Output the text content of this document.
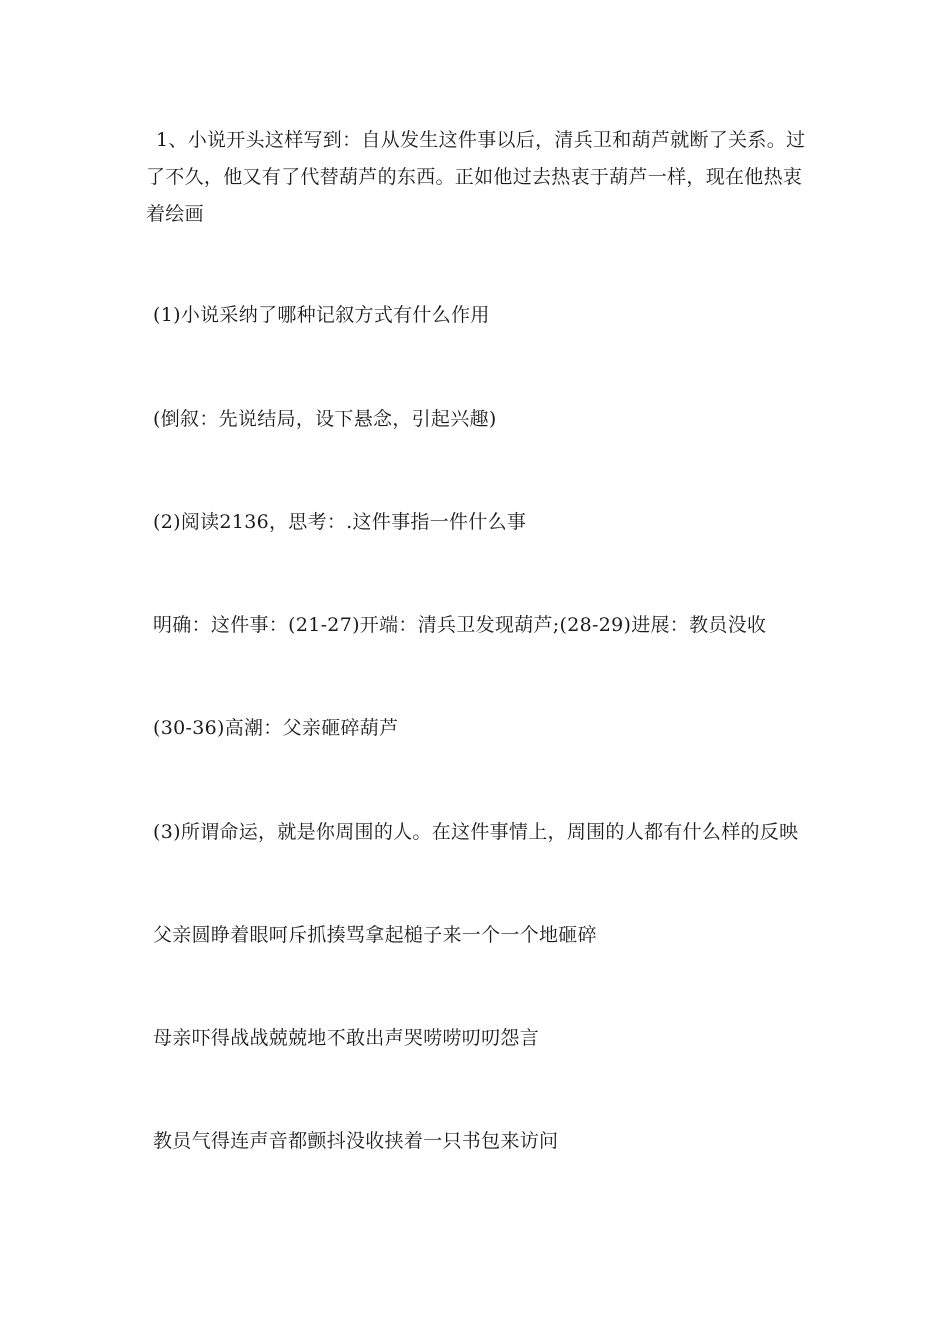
1、小说开头这样写到：自从发生这件事以后，清兵卫和葫芦就断了关系。过了不久，他又有了代替葫芦的东西。正如他过去热衷于葫芦一样，现在他热衷着绘画

(1)小说采纳了哪种记叙方式有什么作用
(倒叙：先说结局，设下悬念，引起兴趣)
(2)阅读2136，思考：.这件事指一件什么事
明确：这件事：(21-27)开端：清兵卫发现葫芦;(28-29)进展：教员没收
(30-36)高潮：父亲砸碎葫芦
(3)所谓命运，就是你周围的人。在这件事情上，周围的人都有什么样的反映
父亲圆睁着眼呵斥抓揍骂拿起槌子来一个一个地砸碎
母亲吓得战战兢兢地不敢出声哭唠唠叨叨怨言
教员气得连声音都颤抖没收挟着一只书包来访问
